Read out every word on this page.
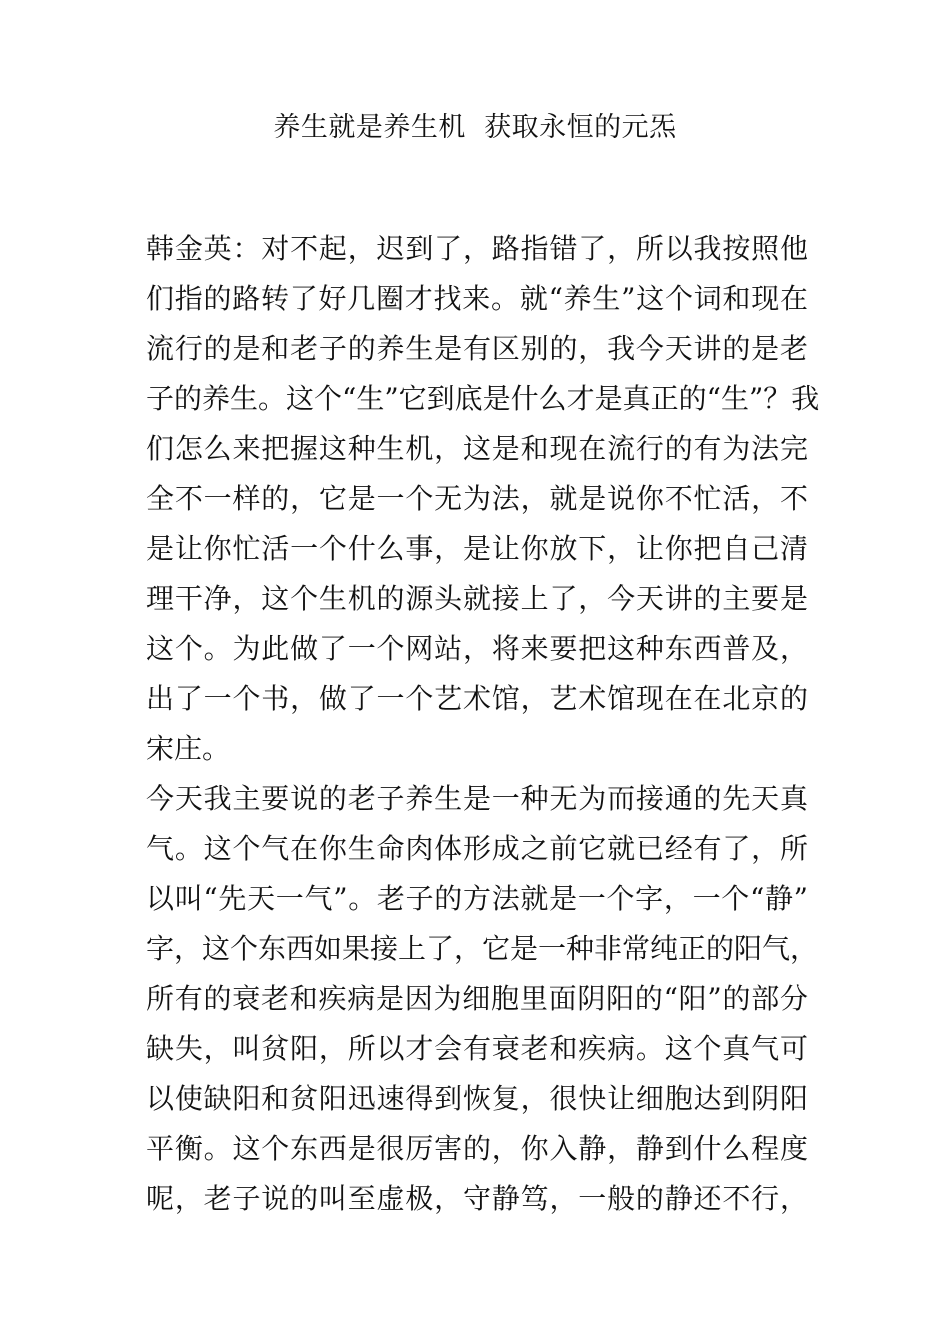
养生就是养生机  获取永恒的元炁
韩金英：对不起，迟到了，路指错了，所以我按照他
们指的路转了好几圈才找来。就“养生”这个词和现在
流行的是和老子的养生是有区别的，我今天讲的是老
子的养生。这个“生”它到底是什么才是真正的“生”？我
们怎么来把握这种生机，这是和现在流行的有为法完
全不一样的，它是一个无为法，就是说你不忙活，不
是让你忙活一个什么事，是让你放下，让你把自己清
理干净，这个生机的源头就接上了，今天讲的主要是
这个。为此做了一个网站，将来要把这种东西普及，
出了一个书，做了一个艺术馆，艺术馆现在在北京的
宋庄。
今天我主要说的老子养生是一种无为而接通的先天真
气。这个气在你生命肉体形成之前它就已经有了，所
以叫“先天一气”。老子的方法就是一个字，一个“静”
字，这个东西如果接上了，它是一种非常纯正的阳气，
所有的衰老和疾病是因为细胞里面阴阳的“阳”的部分
缺失，叫贫阳，所以才会有衰老和疾病。这个真气可
以使缺阳和贫阳迅速得到恢复，很快让细胞达到阴阳
平衡。这个东西是很厉害的，你入静，静到什么程度
呢，老子说的叫至虚极，守静笃，一般的静还不行，
